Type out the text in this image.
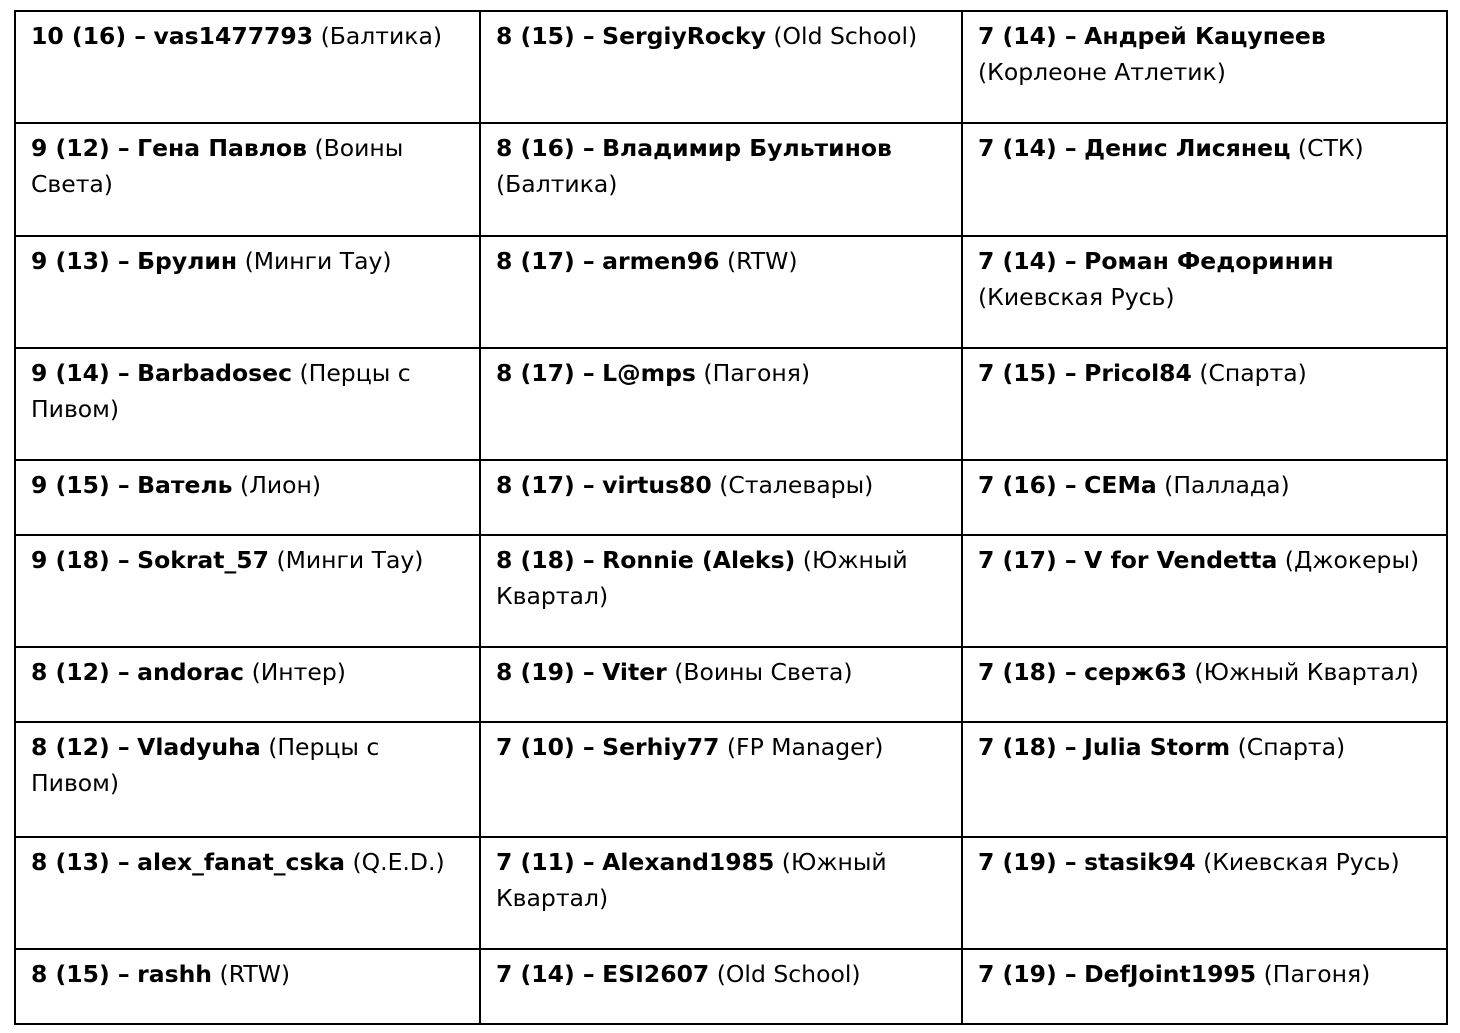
10 (16) – vas1477793 (Балтика)	8 (15) – SergiyRocky (Old School)	7 (14) – Андрей Кацупеев (Корлеоне Атлетик)
9 (12) – Гена Павлов (Воины Света)	8 (16) – Владимир Бультинов (Балтика)	7 (14) – Денис Лисянец (СТК)
9 (13) – Брулин (Минги Тау)	8 (17) – armen96 (RTW)	7 (14) – Роман Федоринин (Киевская Русь)
9 (14) – Barbadosec (Перцы с Пивом)	8 (17) – L@mps (Пагоня)	7 (15) – Pricol84 (Спарта)
9 (15) – Ватель (Лион)	8 (17) – virtus80 (Сталевары)	7 (16) – CEMa (Паллада)
9 (18) – Sokrat_57 (Минги Тау)	8 (18) – Ronnie (Aleks) (Южный Квартал)	7 (17) – V for Vendetta (Джокеры)
8 (12) – andorac (Интер)	8 (19) – Viter (Воины Света)	7 (18) – серж63 (Южный Квартал)
8 (12) – Vladyuha (Перцы с Пивом)	7 (10) – Serhiy77 (FP Manager)	7 (18) – Julia Storm (Спарта)
8 (13) – alex_fanat_cska (Q.E.D.)	7 (11) – Alexand1985 (Южный Квартал)	7 (19) – stasik94 (Киевская Русь)
8 (15) – rashh (RTW)	7 (14) – ESI2607 (Old School)	7 (19) – DefJoint1995 (Пагоня)
